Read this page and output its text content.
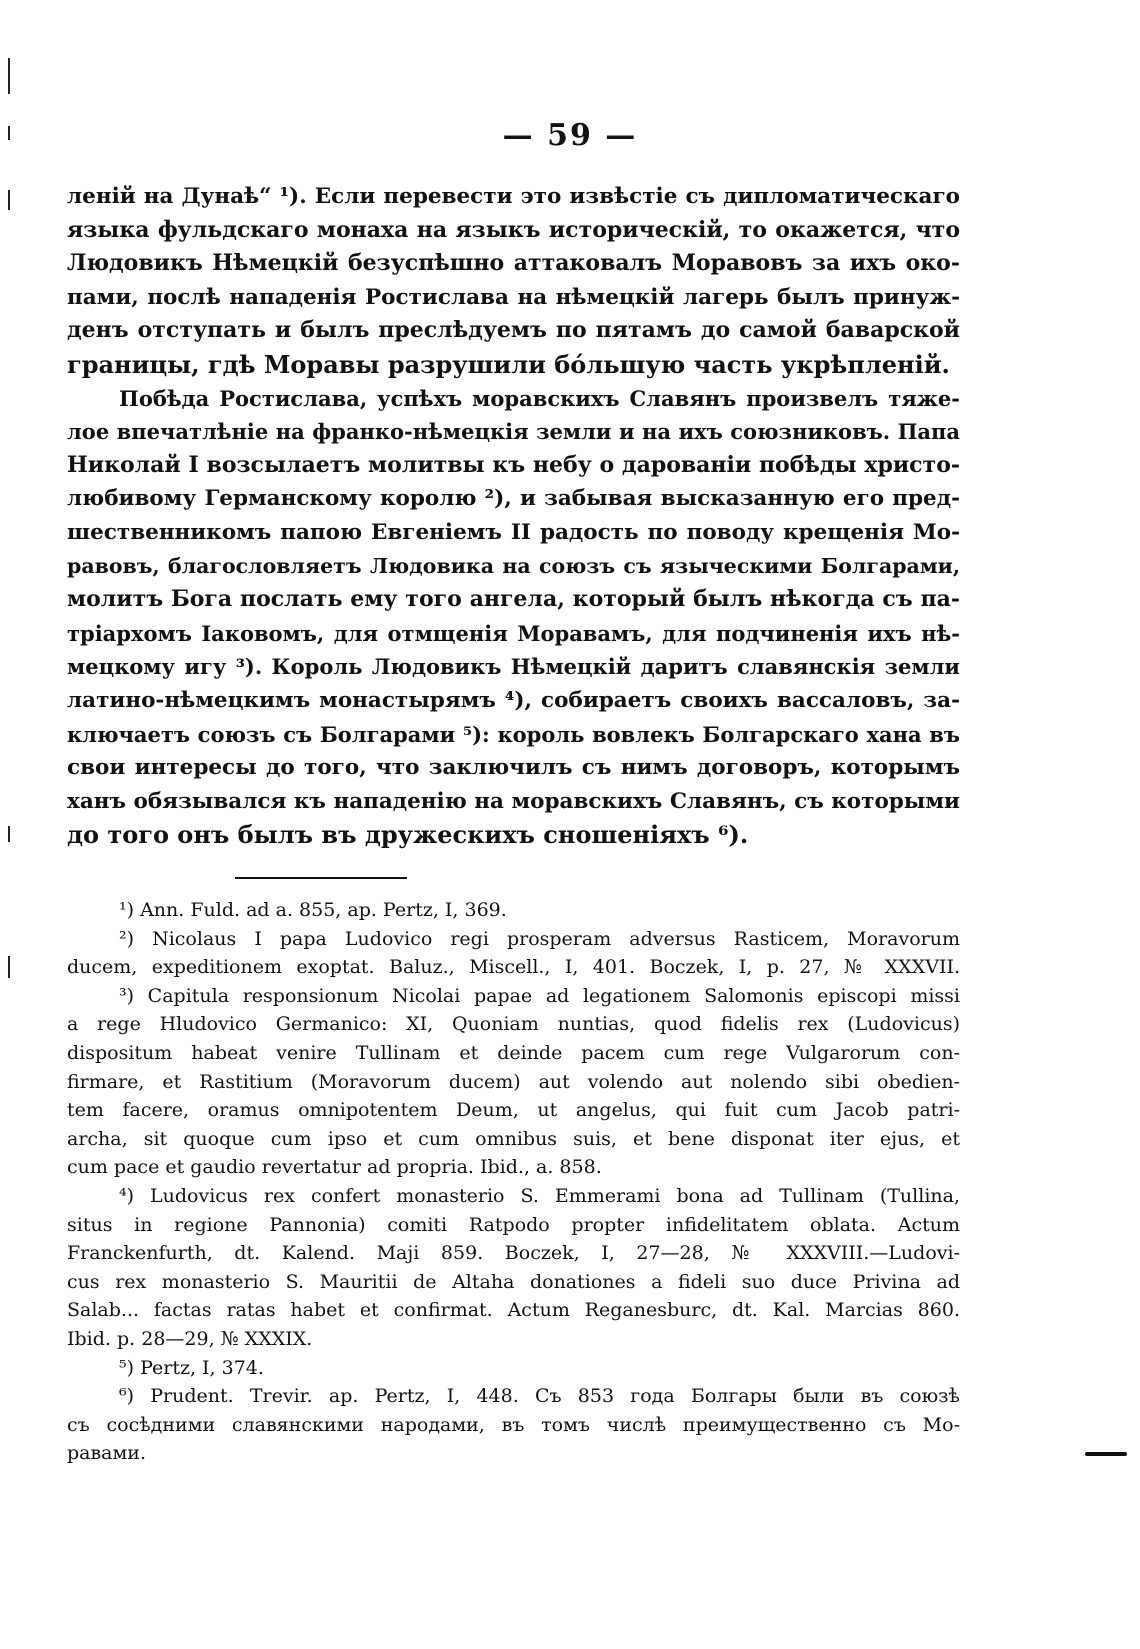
— 59 —
леній на Дунаѣ“ ¹). Если перевести это извѣстіе съ дипломатическаго
языка фульдскаго монаха на языкъ историческій, то окажется, что
Людовикъ Нѣмецкій безуспѣшно аттаковалъ Моравовъ за ихъ око-
пами, послѣ нападенія Ростислава на нѣмецкій лагерь былъ принуж-
денъ отступать и былъ преслѣдуемъ по пятамъ до самой баварской
границы, гдѣ Моравы разрушили бо́льшую часть укрѣпленій.
Побѣда Ростислава, успѣхъ моравскихъ Славянъ произвелъ тяже-
лое впечатлѣніе на франко-нѣмецкія земли и на ихъ союзниковъ. Папа
Николай I возсылаетъ молитвы къ небу о дарованіи побѣды христо-
любивому Германскому королю ²), и забывая высказанную его пред-
шественникомъ папою Евгеніемъ II радость по поводу крещенія Мо-
равовъ, благословляетъ Людовика на союзъ съ языческими Болгарами,
молитъ Бога послать ему того ангела, который былъ нѣкогда съ па-
тріархомъ Іаковомъ, для отмщенія Моравамъ, для подчиненія ихъ нѣ-
мецкому игу ³). Король Людовикъ Нѣмецкій даритъ славянскія земли
латино-нѣмецкимъ монастырямъ ⁴), собираетъ своихъ вассаловъ, за-
ключаетъ союзъ съ Болгарами ⁵): король вовлекъ Болгарскаго хана въ
свои интересы до того, что заключилъ съ нимъ договоръ, которымъ
ханъ обязывался къ нападенію на моравскихъ Славянъ, съ которыми
до того онъ былъ въ дружескихъ сношеніяхъ ⁶).
¹) Ann. Fuld. ad a. 855, ap. Pertz, I, 369.
²) Nicolaus I papa Ludovico regi prosperam adversus Rasticem, Moravorum
ducem, expeditionem exoptat. Baluz., Miscell., I, 401. Boczek, I, p. 27, № XXXVII.
³) Capitula responsionum Nicolai papae ad legationem Salomonis episcopi missi
a rege Hludovico Germanico: XI, Quoniam nuntias, quod fidelis rex (Ludovicus)
dispositum habeat venire Tullinam et deinde pacem cum rege Vulgarorum con-
firmare, et Rastitium (Moravorum ducem) aut volendo aut nolendo sibi obedien-
tem facere, oramus omnipotentem Deum, ut angelus, qui fuit cum Jacob patri-
archa, sit quoque cum ipso et cum omnibus suis, et bene disponat iter ejus, et
cum pace et gaudio revertatur ad propria. Ibid., a. 858.
⁴) Ludovicus rex confert monasterio S. Emmerami bona ad Tullinam (Tullina,
situs in regione Pannonia) comiti Ratpodo propter infidelitatem oblata. Actum
Franckenfurth, dt. Kalend. Maji 859. Boczek, I, 27—28, № XXXVIII.—Ludovi-
cus rex monasterio S. Mauritii de Altaha donationes a fideli suo duce Privina ad
Salab... factas ratas habet et confirmat. Actum Reganesburc, dt. Kal. Marcias 860.
Ibid. p. 28—29, № XXXIX.
⁵) Pertz, I, 374.
⁶) Prudent. Trevir. ap. Pertz, I, 448. Съ 853 года Болгары были въ союзѣ
съ сосѣдними славянскими народами, въ томъ числѣ преимущественно съ Мо-
равами.
